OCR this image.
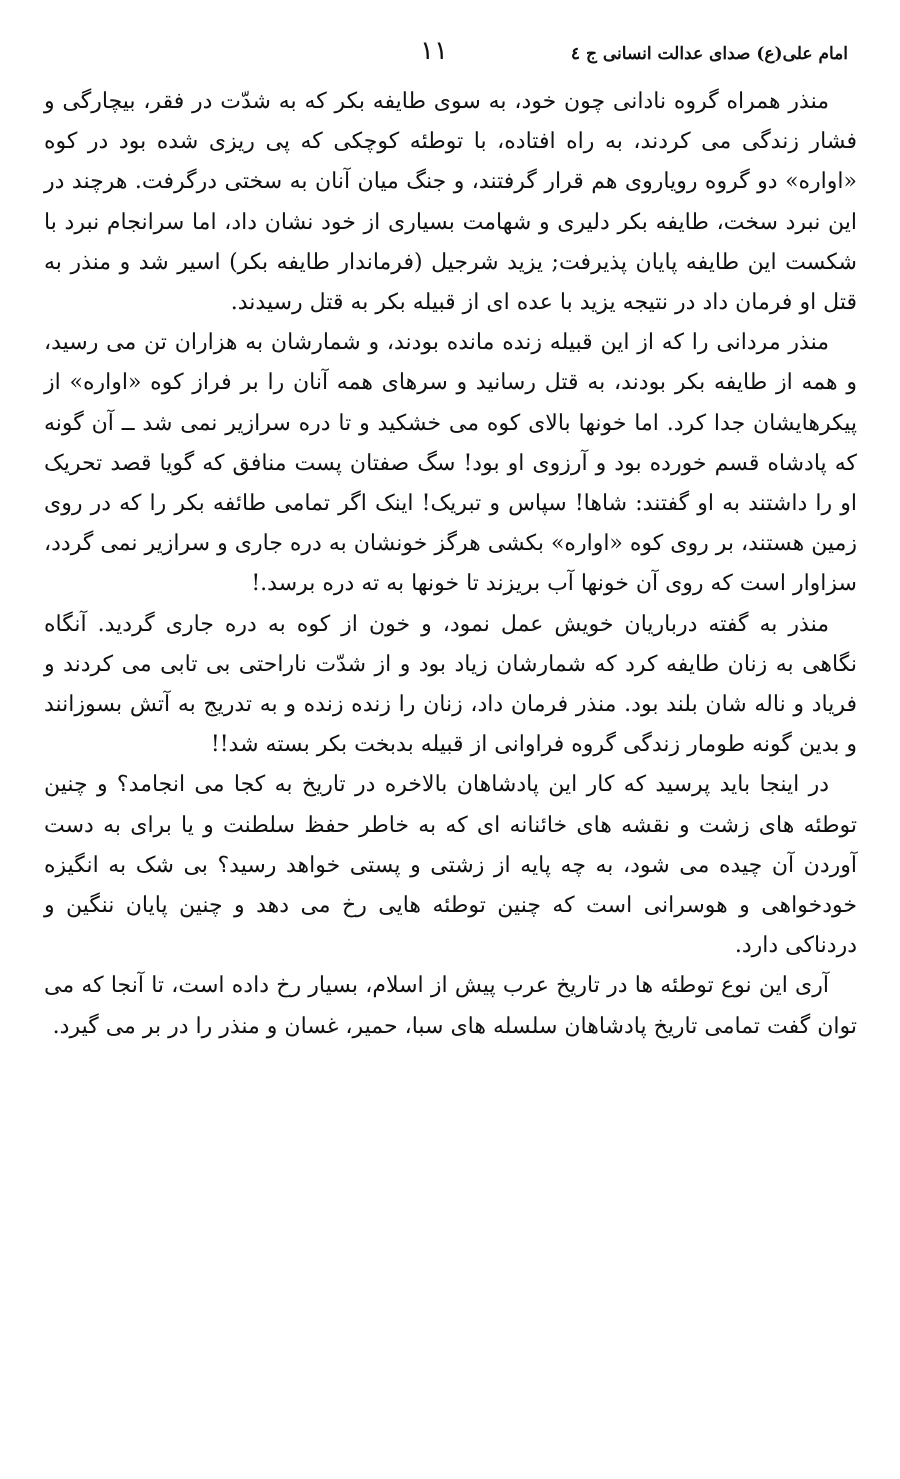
امام علی(ع) صدای عدالت انسانی ج ٤
۱۱

منذر همراه گروه نادانی چون خود، به سوی طایفه بکر که به شدّت در فقر، بیچارگی و فشار زندگی می کردند، به راه افتاده، با توطئه کوچکی که پی ریزی شده بود در کوه «اواره» دو گروه رویاروی هم قرار گرفتند، و جنگ میان آنان به سختی درگرفت. هرچند در این نبرد سخت، طایفه بکر دلیری و شهامت بسیاری از خود نشان داد، اما سرانجام نبرد با شکست این طایفه پایان پذیرفت; یزید شرجیل (فرماندار طایفه بکر) اسیر شد و منذر به قتل او فرمان داد در نتیجه یزید با عده ای از قبیله بکر به قتل رسیدند.

منذر مردانی را که از این قبیله زنده مانده بودند، و شمارشان به هزاران تن می رسید، و همه از طایفه بکر بودند، به قتل رسانید و سرهای همه آنان را بر فراز کوه «اواره» از پیکرهایشان جدا کرد. اما خونها بالای کوه می خشکید و تا دره سرازیر نمی شد ــ آن گونه که پادشاه قسم خورده بود و آرزوی او بود! سگ صفتان پست منافق که گویا قصد تحریک او را داشتند به او گفتند: شاها! سپاس و تبریک! اینک اگر تمامی طائفه بکر را که در روی زمین هستند، بر روی کوه «اواره» بکشی هرگز خونشان به دره جاری و سرازیر نمی گردد، سزاوار است که روی آن خونها آب بریزند تا خونها به ته دره برسد.!

منذر به گفته درباریان خویش عمل نمود، و خون از کوه به دره جاری گردید. آنگاه نگاهی به زنان طایفه کرد که شمارشان زیاد بود و از شدّت ناراحتی بی تابی می کردند و فریاد و ناله شان بلند بود. منذر فرمان داد، زنان را زنده زنده و به تدریج به آتش بسوزانند و بدین گونه طومار زندگی گروه فراوانی از قبیله بدبخت بکر بسته شد!!

در اینجا باید پرسید که کار این پادشاهان بالاخره در تاریخ به کجا می انجامد؟ و چنین توطئه های زشت و نقشه های خائنانه ای که به خاطر حفظ سلطنت و یا برای به دست آوردن آن چیده می شود، به چه پایه از زشتی و پستی خواهد رسید؟ بی شک به انگیزه خودخواهی و هوسرانی است که چنین توطئه هایی رخ می دهد و چنین پایان ننگین و دردناکی دارد.

آری این نوع توطئه ها در تاریخ عرب پیش از اسلام، بسیار رخ داده است، تا آنجا که می توان گفت تمامی تاریخ پادشاهان سلسله های سبا، حمیر، غسان و منذر را در بر می گیرد.
